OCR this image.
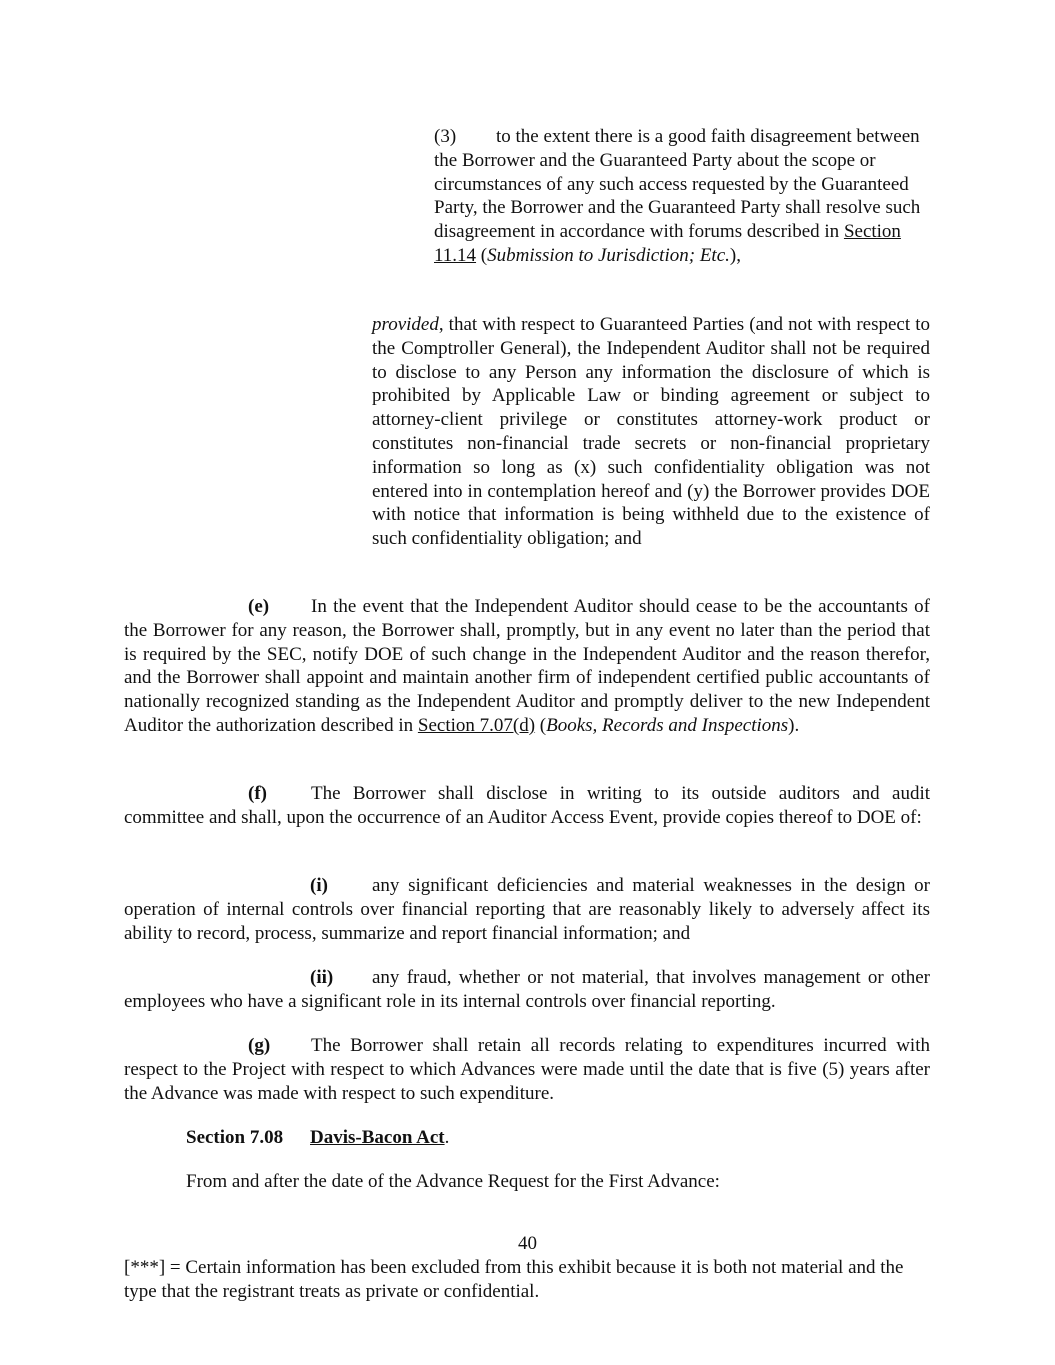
(3) to the extent there is a good faith disagreement between the Borrower and the Guaranteed Party about the scope or circumstances of any such access requested by the Guaranteed Party, the Borrower and the Guaranteed Party shall resolve such disagreement in accordance with forums described in Section 11.14 (Submission to Jurisdiction; Etc.),

provided, that with respect to Guaranteed Parties (and not with respect to the Comptroller General), the Independent Auditor shall not be required to disclose to any Person any information the disclosure of which is prohibited by Applicable Law or binding agreement or subject to attorney-client privilege or constitutes attorney-work product or constitutes non-financial trade secrets or non-financial proprietary information so long as (x) such confidentiality obligation was not entered into in contemplation hereof and (y) the Borrower provides DOE with notice that information is being withheld due to the existence of such confidentiality obligation; and

(e) In the event that the Independent Auditor should cease to be the accountants of the Borrower for any reason, the Borrower shall, promptly, but in any event no later than the period that is required by the SEC, notify DOE of such change in the Independent Auditor and the reason therefor, and the Borrower shall appoint and maintain another firm of independent certified public accountants of nationally recognized standing as the Independent Auditor and promptly deliver to the new Independent Auditor the authorization described in Section 7.07(d) (Books, Records and Inspections).

(f) The Borrower shall disclose in writing to its outside auditors and audit committee and shall, upon the occurrence of an Auditor Access Event, provide copies thereof to DOE of:

(i) any significant deficiencies and material weaknesses in the design or operation of internal controls over financial reporting that are reasonably likely to adversely affect its ability to record, process, summarize and report financial information; and

(ii) any fraud, whether or not material, that involves management or other employees who have a significant role in its internal controls over financial reporting.

(g) The Borrower shall retain all records relating to expenditures incurred with respect to the Project with respect to which Advances were made until the date that is five (5) years after the Advance was made with respect to such expenditure.

Section 7.08 Davis-Bacon Act.

From and after the date of the Advance Request for the First Advance:

40

[***] = Certain information has been excluded from this exhibit because it is both not material and the type that the registrant treats as private or confidential.
